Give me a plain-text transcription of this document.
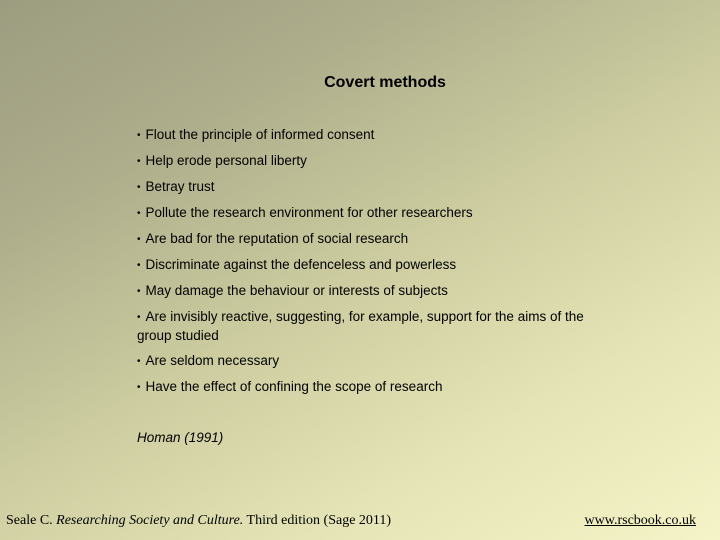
Covert methods
• Flout the principle of informed consent
• Help erode personal liberty
• Betray trust
• Pollute the research environment for other researchers
• Are bad for the reputation of social research
• Discriminate against the defenceless and powerless
• May damage the behaviour or interests of subjects
• Are invisibly reactive, suggesting, for example, support for the aims of the group studied
• Are seldom necessary
• Have the effect of confining the scope of research

Homan (1991)

Seale C. Researching Society and Culture. Third edition (Sage 2011)	www.rscbook.co.uk
